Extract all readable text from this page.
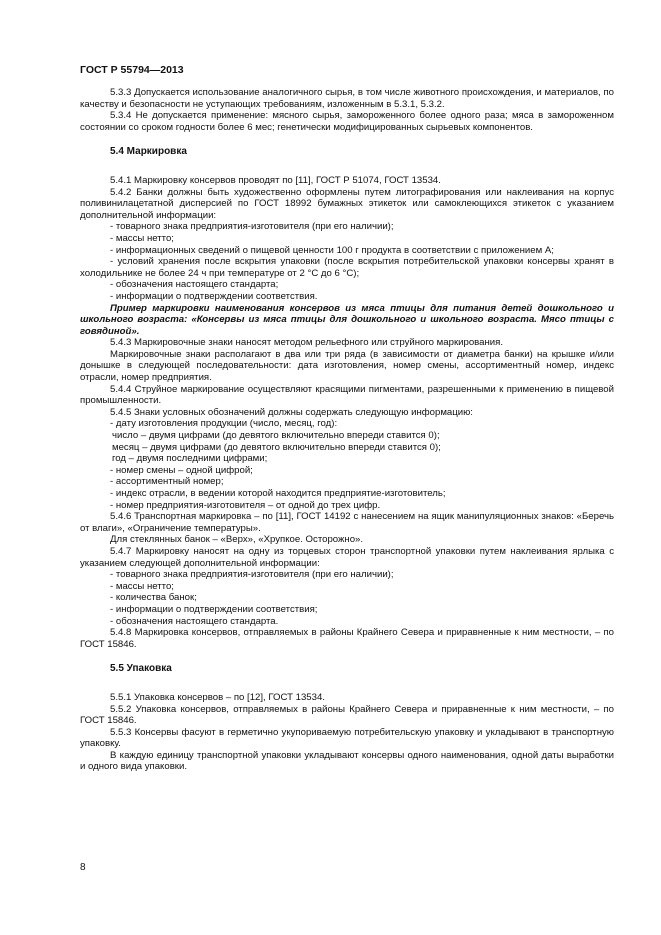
ГОСТ Р 55794—2013

5.3.3 Допускается использование аналогичного сырья, в том числе животного происхождения, и материалов, по качеству и безопасности не уступающих требованиям, изложенным в 5.3.1, 5.3.2.

5.3.4 Не допускается применение: мясного сырья, замороженного более одного раза; мяса в замороженном состоянии со сроком годности более 6 мес; генетически модифицированных сырьевых компонентов.

5.4 Маркировка

5.4.1 Маркировку консервов проводят по [11], ГОСТ Р 51074, ГОСТ 13534.

5.4.2 Банки должны быть художественно оформлены путем литографирования или наклеивания на корпус поливинилацетатной дисперсией по ГОСТ 18992 бумажных этикеток или самоклеющихся этикеток с указанием дополнительной информации:

- товарного знака предприятия-изготовителя (при его наличии);

- массы нетто;

- информационных сведений о пищевой ценности 100 г продукта в соответствии с приложением А;

- условий хранения после вскрытия упаковки (после вскрытия потребительской упаковки консервы хранят в холодильнике не более 24 ч при температуре от 2 °С до 6 °С);

- обозначения настоящего стандарта;

- информации о подтверждении соответствия.

Пример маркировки наименования консервов из мяса птицы для питания детей дошкольного и школьного возраста: «Консервы из мяса птицы для дошкольного и школьного возраста. Мясо птицы с говядиной».

5.4.3 Маркировочные знаки наносят методом рельефного или струйного маркирования.

Маркировочные знаки располагают в два или три ряда (в зависимости от диаметра банки) на крышке и/или донышке в следующей последовательности: дата изготовления, номер смены, ассортиментный номер, индекс отрасли, номер предприятия.

5.4.4 Струйное маркирование осуществляют красящими пигментами, разрешенными к применению в пищевой промышленности.

5.4.5 Знаки условных обозначений должны содержать следующую информацию:

- дату изготовления продукции (число, месяц, год):

число – двумя цифрами (до девятого включительно впереди ставится 0);

месяц – двумя цифрами (до девятого включительно впереди ставится 0);

год – двумя последними цифрами;

- номер смены – одной цифрой;

- ассортиментный номер;

- индекс отрасли, в ведении которой находится предприятие-изготовитель;

- номер предприятия-изготовителя – от одной до трех цифр.

5.4.6 Транспортная маркировка – по [11], ГОСТ 14192 с нанесением на ящик манипуляционных знаков: «Беречь от влаги», «Ограничение температуры».

Для стеклянных банок – «Верх», «Хрупкое. Осторожно».

5.4.7 Маркировку наносят на одну из торцевых сторон транспортной упаковки путем наклеивания ярлыка с указанием следующей дополнительной информации:

- товарного знака предприятия-изготовителя (при его наличии);

- массы нетто;

- количества банок;

- информации о подтверждении соответствия;

- обозначения настоящего стандарта.

5.4.8 Маркировка консервов, отправляемых в районы Крайнего Севера и приравненные к ним местности, – по ГОСТ 15846.

5.5 Упаковка

5.5.1 Упаковка консервов – по [12], ГОСТ 13534.

5.5.2 Упаковка консервов, отправляемых в районы Крайнего Севера и приравненные к ним местности, – по ГОСТ 15846.

5.5.3 Консервы фасуют в герметично укупориваемую потребительскую упаковку и укладывают в транспортную упаковку.

В каждую единицу транспортной упаковки укладывают консервы одного наименования, одной даты выработки и одного вида упаковки.

8
